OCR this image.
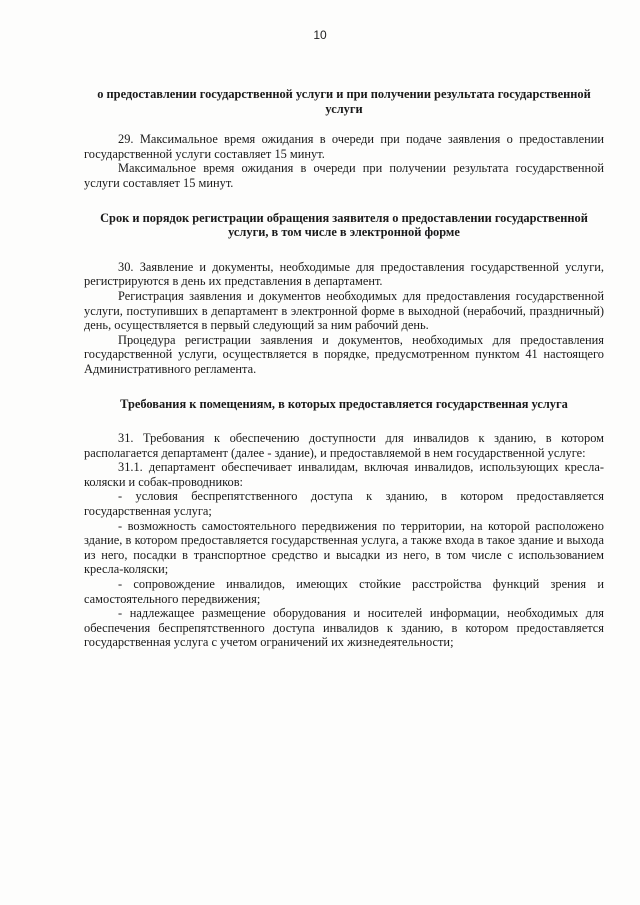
10
о предоставлении государственной услуги и при получении результата государственной услуги
29. Максимальное время ожидания в очереди при подаче заявления о предоставлении государственной услуги составляет 15 минут.
Максимальное время ожидания в очереди при получении результата государственной услуги составляет 15 минут.
Срок и порядок регистрации обращения заявителя о предоставлении государственной услуги, в том числе в электронной форме
30. Заявление и документы, необходимые для предоставления государственной услуги, регистрируются в день их представления в департамент.
Регистрация заявления и документов необходимых для предоставления государственной услуги, поступивших в департамент в электронной форме в выходной (нерабочий, праздничный) день, осуществляется в первый следующий за ним рабочий день.
Процедура регистрации заявления и документов, необходимых для предоставления государственной услуги, осуществляется в порядке, предусмотренном пунктом 41 настоящего Административного регламента.
Требования к помещениям, в которых предоставляется государственная услуга
31. Требования к обеспечению доступности для инвалидов к зданию, в котором располагается департамент (далее - здание), и предоставляемой в нем государственной услуге:
31.1. департамент обеспечивает инвалидам, включая инвалидов, использующих кресла-коляски и собак-проводников:
- условия беспрепятственного доступа к зданию, в котором предоставляется государственная услуга;
- возможность самостоятельного передвижения по территории, на которой расположено здание, в котором предоставляется государственная услуга, а также входа в такое здание и выхода из него, посадки в транспортное средство и высадки из него, в том числе с использованием кресла-коляски;
- сопровождение инвалидов, имеющих стойкие расстройства функций зрения и самостоятельного передвижения;
- надлежащее размещение оборудования и носителей информации, необходимых для обеспечения беспрепятственного доступа инвалидов к зданию, в котором предоставляется государственная услуга с учетом ограничений их жизнедеятельности;
